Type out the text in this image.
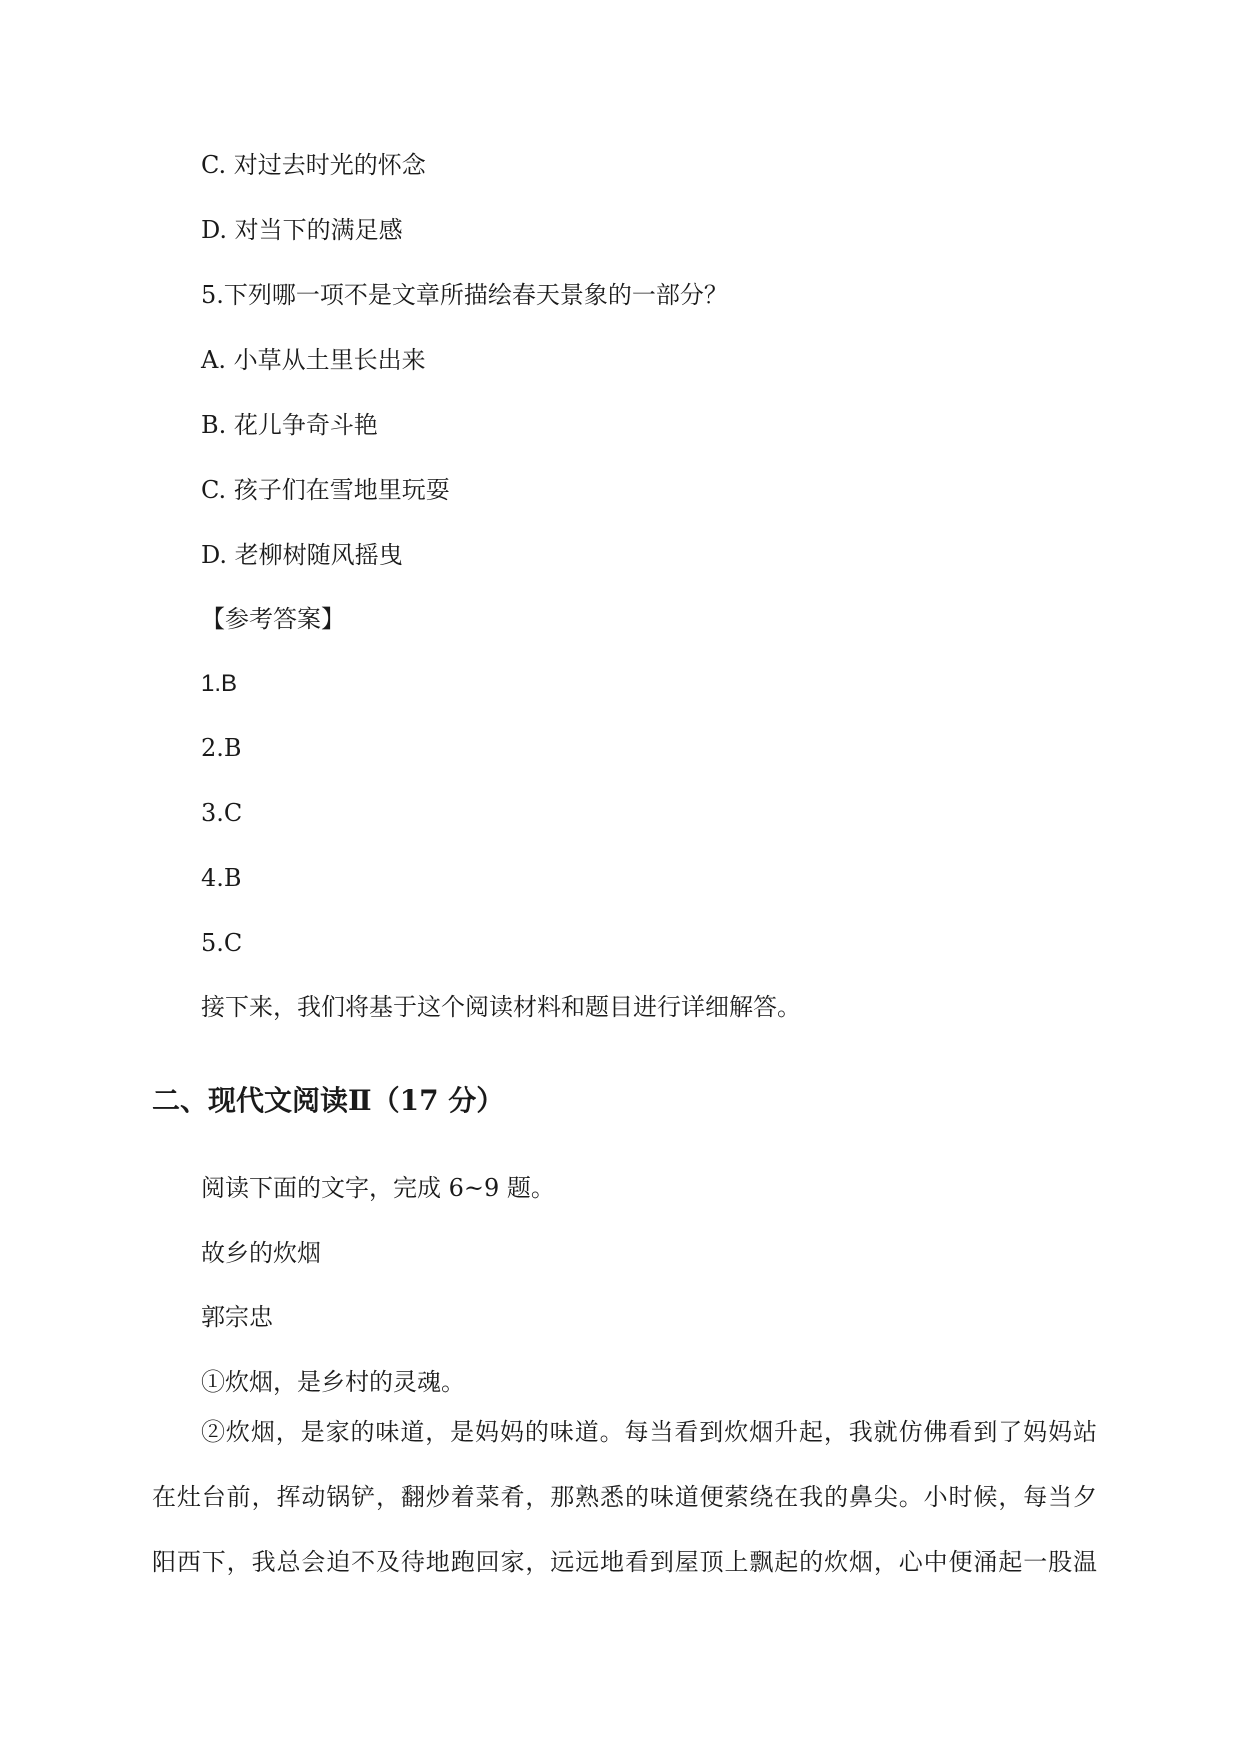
C. 对过去时光的怀念
D. 对当下的满足感
5.下列哪一项不是文章所描绘春天景象的一部分？
A. 小草从土里长出来
B. 花儿争奇斗艳
C. 孩子们在雪地里玩耍
D. 老柳树随风摇曳
【参考答案】
1.B
2.B
3.C
4.B
5.C
接下来，我们将基于这个阅读材料和题目进行详细解答。
二、现代文阅读Ⅱ（17 分）
阅读下面的文字，完成 6~9 题。
故乡的炊烟
郭宗忠
①炊烟，是乡村的灵魂。
②炊烟，是家的味道，是妈妈的味道。每当看到炊烟升起，我就仿佛看到了妈妈站
在灶台前，挥动锅铲，翻炒着菜肴，那熟悉的味道便萦绕在我的鼻尖。小时候，每当夕
阳西下，我总会迫不及待地跑回家，远远地看到屋顶上飘起的炊烟，心中便涌起一股温
